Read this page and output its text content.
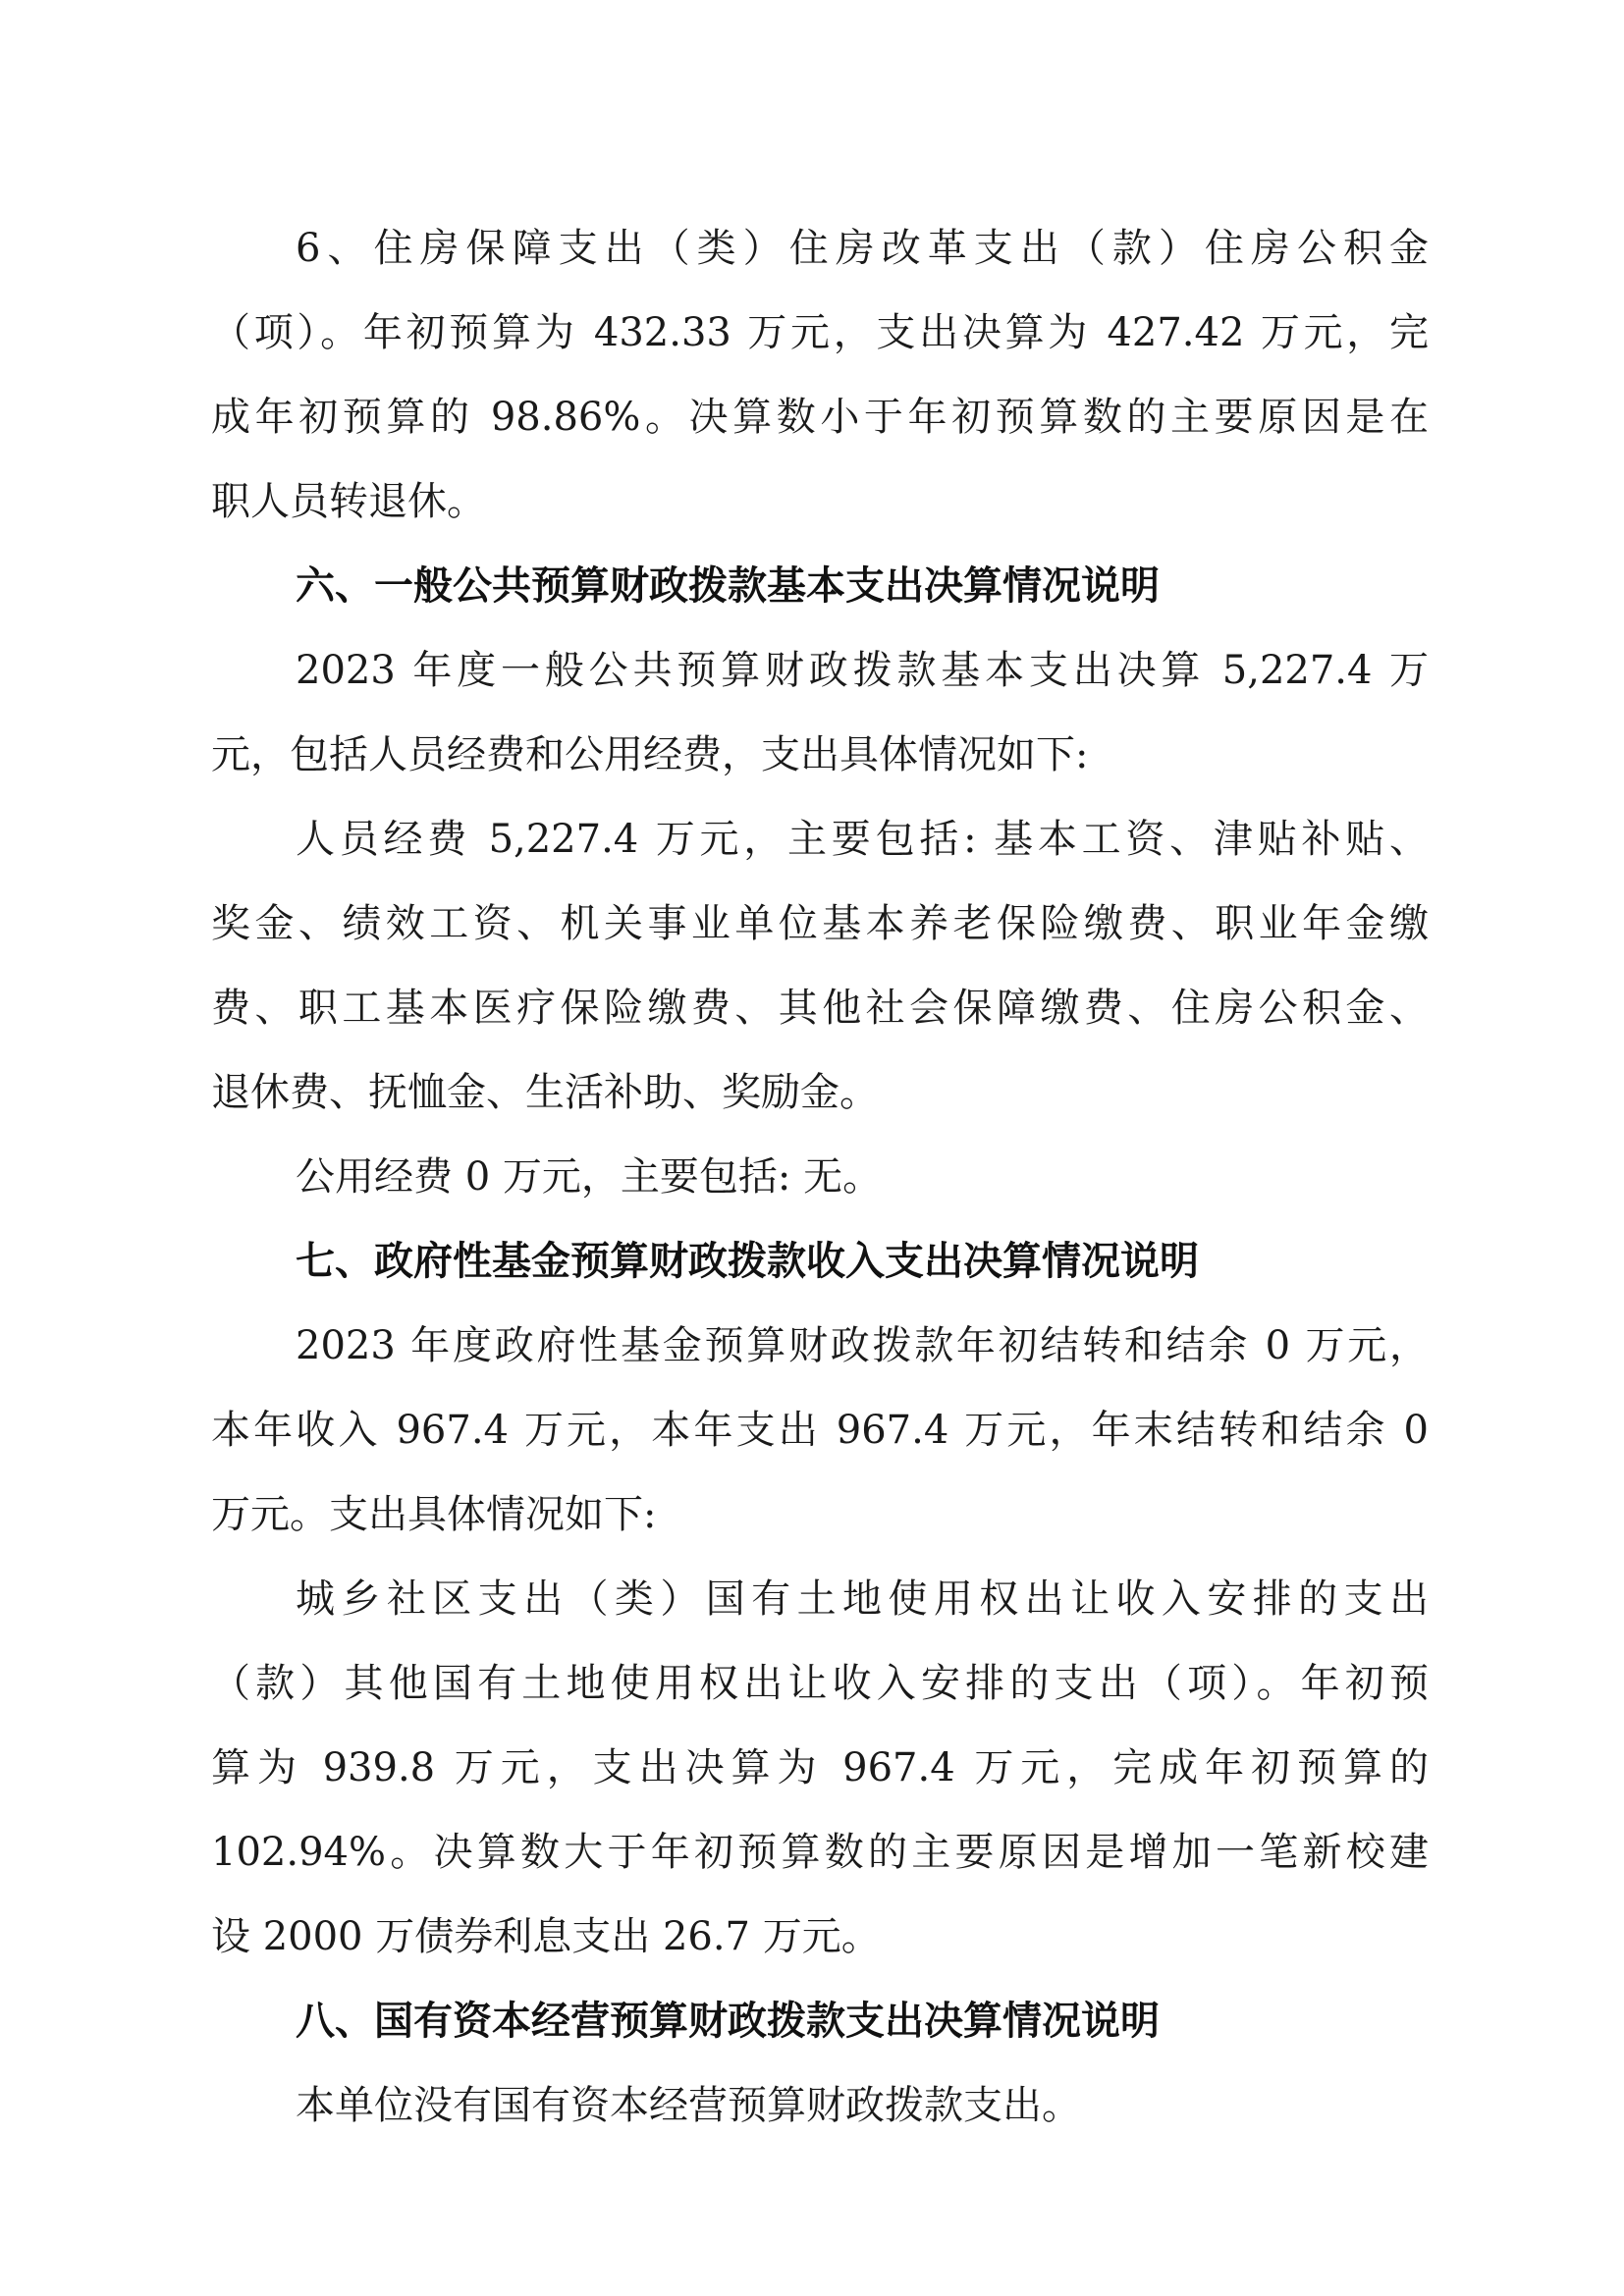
6、住房保障支出（类）住房改革支出（款）住房公积金
（项）。年初预算为 432.33 万元，支出决算为 427.42 万元，完
成年初预算的 98.86%。决算数小于年初预算数的主要原因是在
职人员转退休。
六、一般公共预算财政拨款基本支出决算情况说明
2023 年度一般公共预算财政拨款基本支出决算 5,227.4 万
元，包括人员经费和公用经费，支出具体情况如下:
人员经费 5,227.4 万元，主要包括: 基本工资、津贴补贴、
奖金、绩效工资、机关事业单位基本养老保险缴费、职业年金缴
费、职工基本医疗保险缴费、其他社会保障缴费、住房公积金、
退休费、抚恤金、生活补助、奖励金。
公用经费 0 万元，主要包括: 无。
七、政府性基金预算财政拨款收入支出决算情况说明
2023 年度政府性基金预算财政拨款年初结转和结余 0 万元，
本年收入 967.4 万元，本年支出 967.4 万元，年末结转和结余 0
万元。支出具体情况如下:
城乡社区支出（类）国有土地使用权出让收入安排的支出
（款）其他国有土地使用权出让收入安排的支出（项）。年初预
算为 939.8 万元，支出决算为 967.4 万元，完成年初预算的
102.94%。决算数大于年初预算数的主要原因是增加一笔新校建
设 2000 万债券利息支出 26.7 万元。
八、国有资本经营预算财政拨款支出决算情况说明
本单位没有国有资本经营预算财政拨款支出。
